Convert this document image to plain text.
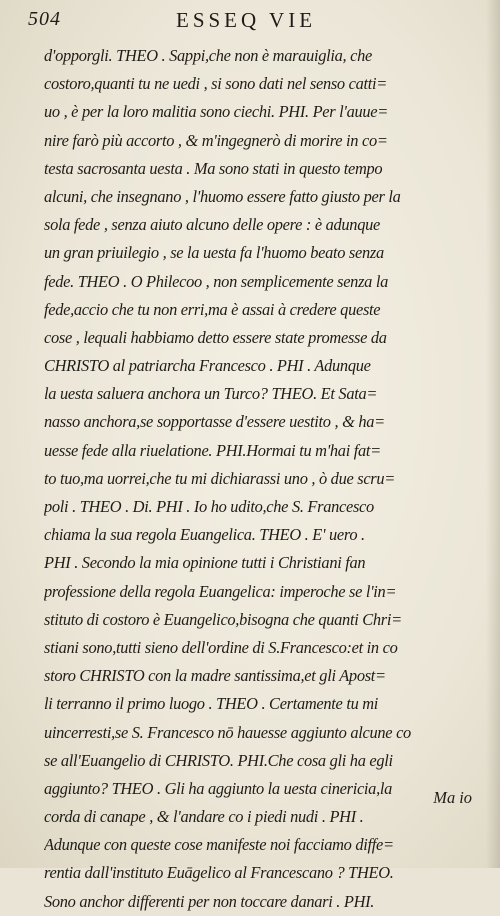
504	ESSEQ VIE
d'opporgli. THEO . Sappi,che non è marauiglia, che
costoro,quanti tu ne uedi , si sono dati nel senso catti=
uo , è per la loro malitia sono ciechi. PHI. Per l'auue=
nire farò più accorto , & m'ingegnerò di morire in co=
testa sacrosanta uesta . Ma sono stati in questo tempo
alcuni, che insegnano , l'huomo essere fatto giusto per la
sola fede , senza aiuto alcuno delle opere : è adunque
un gran priuilegio , se la uesta fa l'huomo beato senza
fede. THEO . O Philecoo , non semplicemente senza la
fede,accio che tu non erri,ma è assai à credere queste
cose , lequali habbiamo detto essere state promesse da
CHRISTO al patriarcha Francesco . PHI . Adunque
la uesta saluera anchora un Turco? THEO. Et Sata=
nasso anchora,se sopportasse d'essere uestito , & ha=
uesse fede alla riuelatione. PHI.Hormai tu m'hai fat=
to tuo,ma uorrei,che tu mi dichiarassi uno , ò due scru=
poli . THEO . Di. PHI . Io ho udito,che S. Francesco
chiama la sua regola Euangelica. THEO . E' uero .
PHI . Secondo la mia opinione tutti i Christiani fan
professione della regola Euangelica: imperoche se l'in=
stituto di costoro è Euangelico,bisogna che quanti Chri=
stiani sono,tutti sieno dell'ordine di S.Francesco:et in co
storo CHRISTO con la madre santissima,et gli Apost=
li terranno il primo luogo . THEO . Certamente tu mi
uincerresti,se S. Francesco nō hauesse aggiunto alcune co
se all'Euangelio di CHRISTO. PHI.Che cosa gli ha egli
aggiunto? THEO . Gli ha aggiunto la uesta cinericia,la
corda di canape , & l'andare co i piedi nudi . PHI .
Adunque con queste cose manifeste noi facciamo diffe=
rentia dall'instituto Euāgelico al Francescano ? THEO.
Sono anchor differenti per non toccare danari . PHI.
Ma io
